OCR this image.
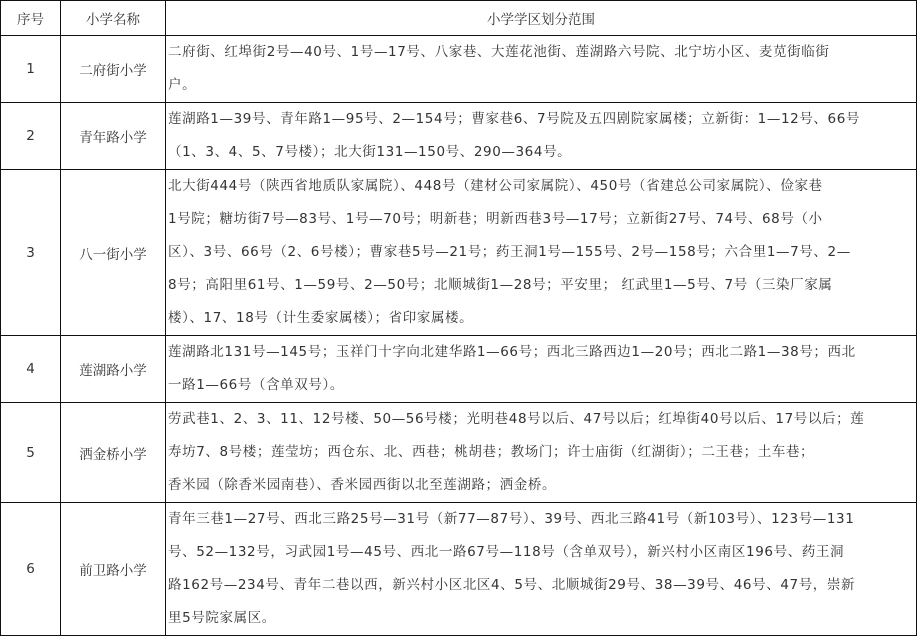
序号	小学名称	小学学区划分范围
1	二府街小学	二府街、红埠街2号—40号、1号—17号、八家巷、大莲花池街、莲湖路六号院、北宁坊小区、麦苋街临街
户。

2	青年路小学	莲湖路1—39号、青年路1—95号、2—154号；曹家巷6、7号院及五四剧院家属楼；立新街：1—12号、66号
（1、3、4、5、7号楼）；北大街131—150号、290—364号。

3	八一街小学	北大街444号（陕西省地质队家属院）、448号（建材公司家属院）、450号（省建总公司家属院）、俭家巷
1号院；糖坊街7号—83号、1号—70号；明新巷；明新西巷3号—17号；立新街27号、74号、68号（小
区）、3号、66号（2、6号楼）；曹家巷5号—21号；药王洞1号—155号、2号—158号；六合里1—7号、2—
8号；高阳里61号、1—59号、2—50号；北顺城街1—28号；平安里； 红武里1—5号、7号（三染厂家属
楼）、17、18号（计生委家属楼）；省印家属楼。

4	莲湖路小学	莲湖路北131号—145号；玉祥门十字向北建华路1—66号；西北三路西边1—20号；西北二路1—38号；西北
一路1—66号（含单双号）。

5	洒金桥小学	劳武巷1、2、3、11、12号楼、50—56号楼；光明巷48号以后、47号以后；红埠街40号以后、17号以后；莲
寿坊7、8号楼；莲莹坊；西仓东、北、西巷；桃胡巷；教场门；许士庙街（红湖街）；二王巷；土车巷；
香米园（除香米园南巷）、香米园西街以北至莲湖路；洒金桥。

6	前卫路小学	青年三巷1—27号、西北三路25号—31号（新77—87号）、39号、西北三路41号（新103号）、123号—131
号、52—132号，习武园1号—45号、西北一路67号—118号（含单双号），新兴村小区南区196号、药王洞
路162号—234号、青年二巷以西，新兴村小区北区4、5号、北顺城街29号、38—39号、46号、47号，崇新
里5号院家属区。
